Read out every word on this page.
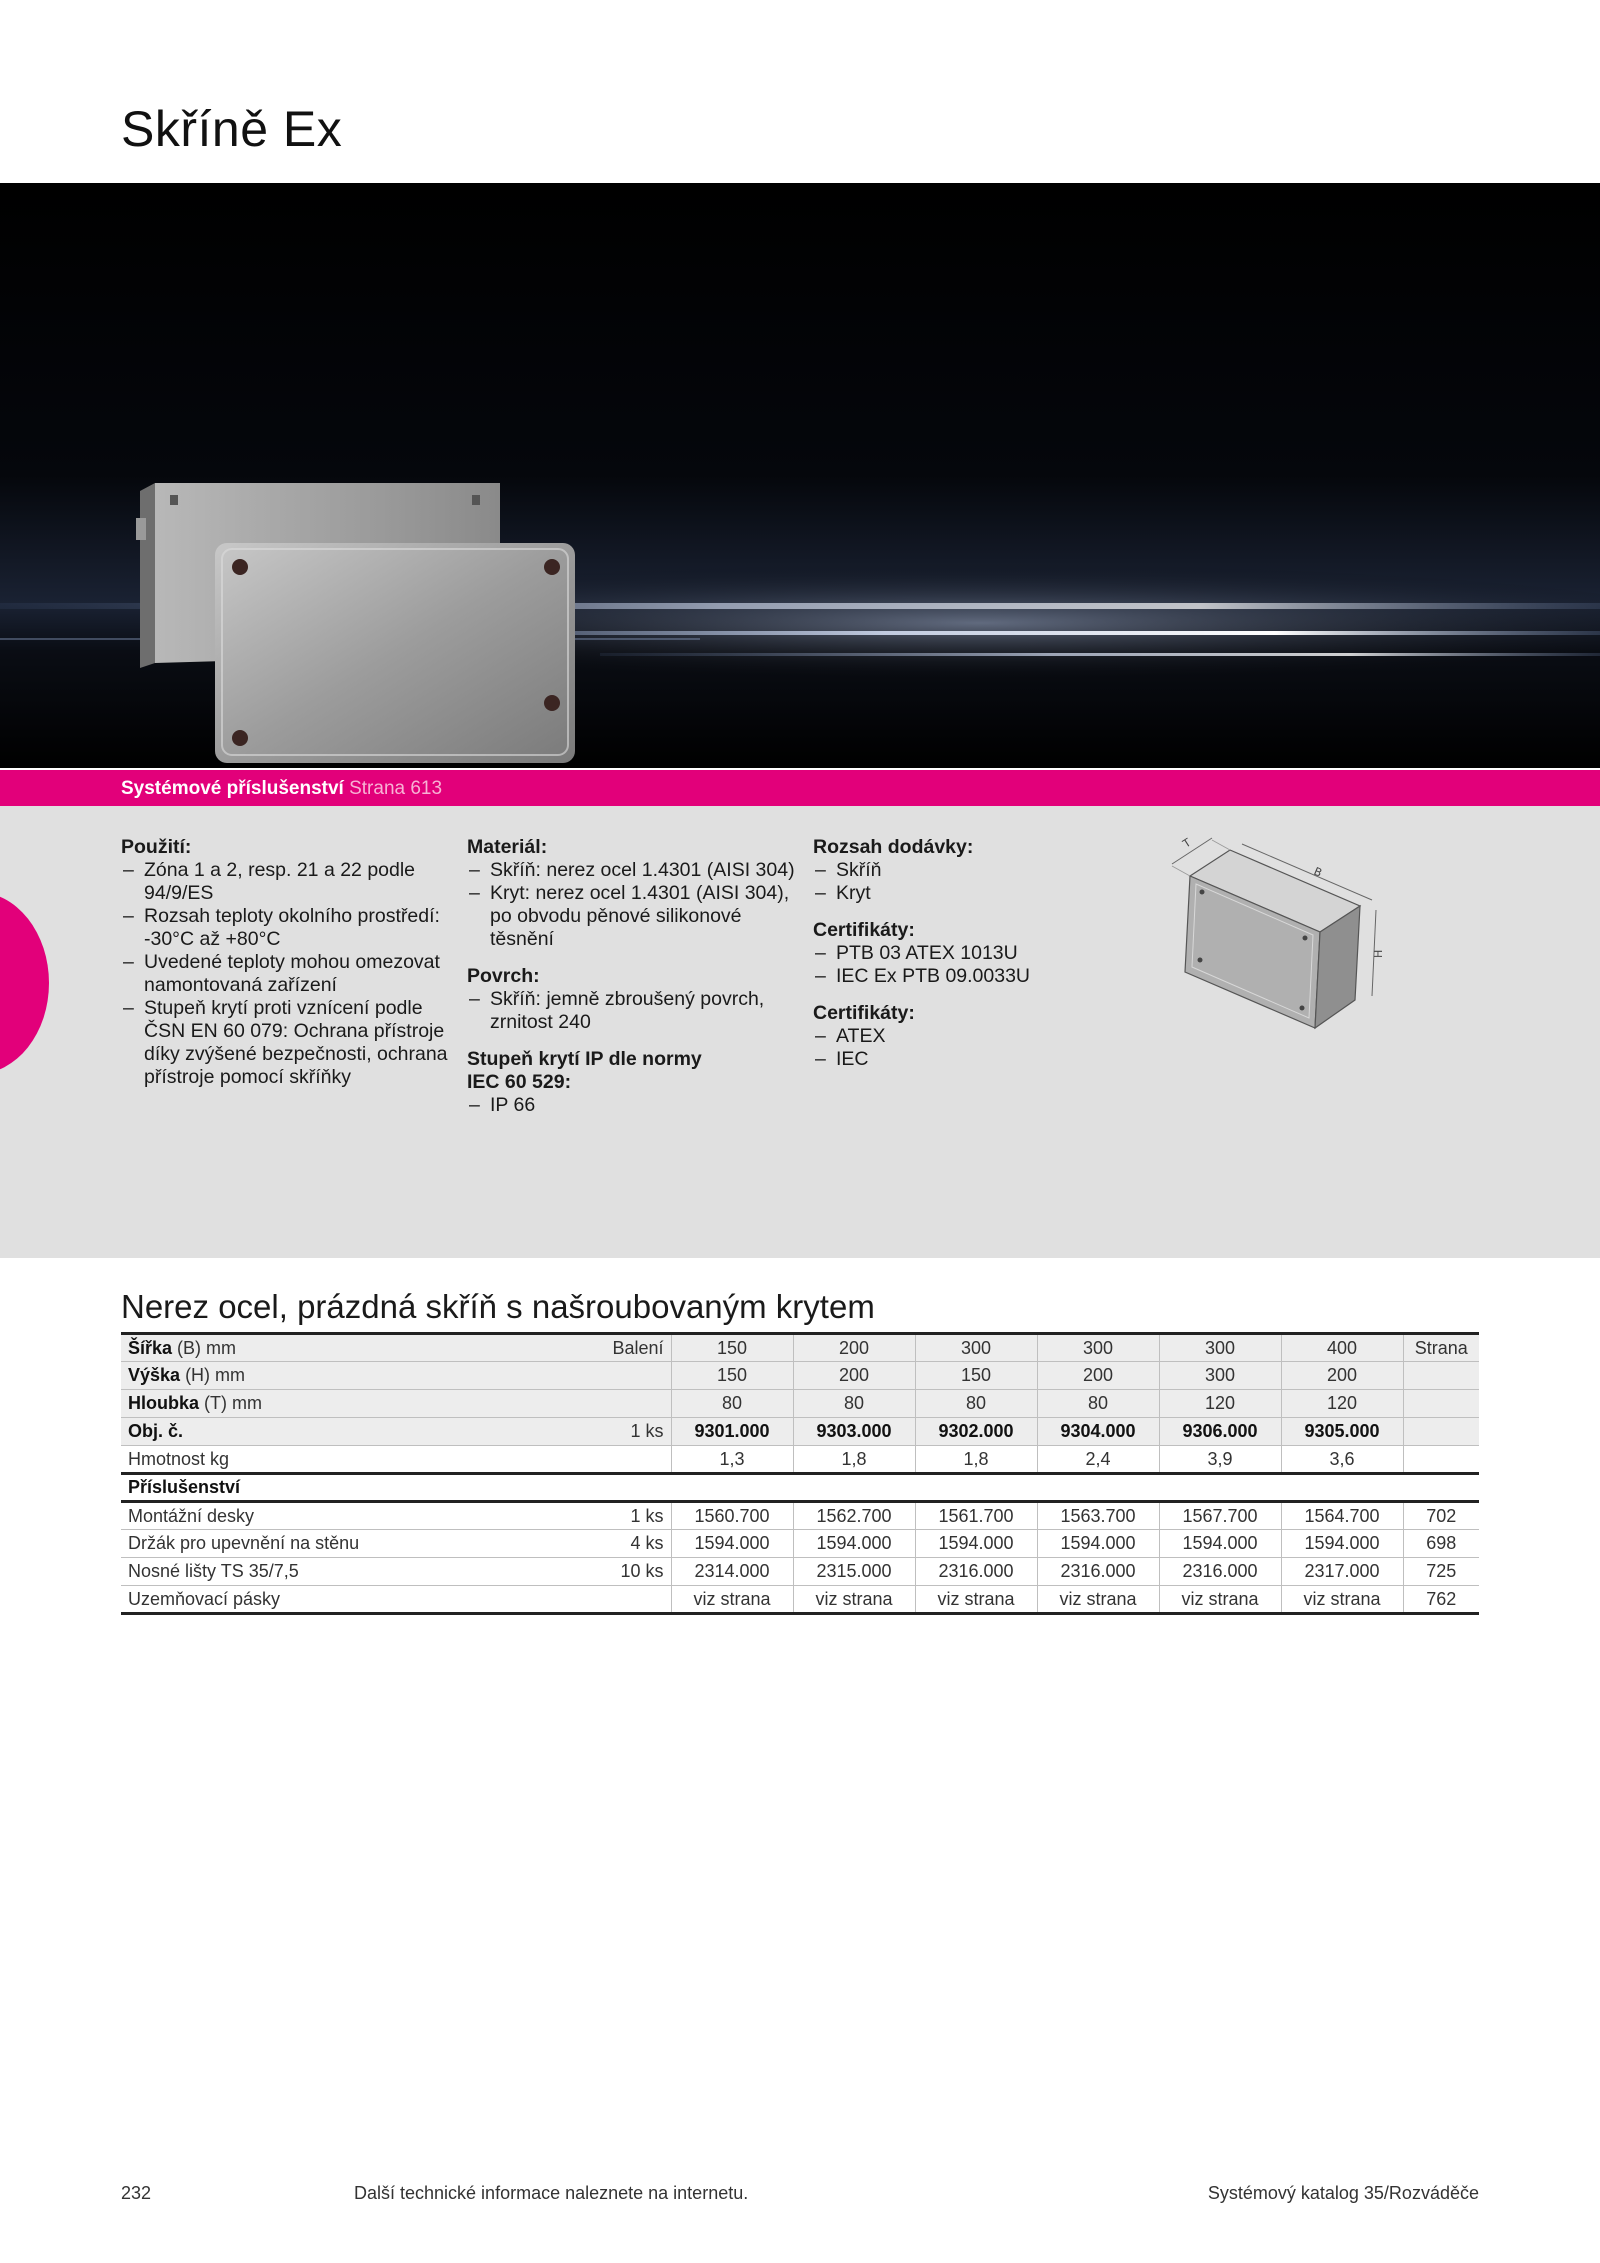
Skříně Ex
Systémové příslušenství Strana 613
Použití:
– Zóna 1 a 2, resp. 21 a 22 podle 94/9/ES
– Rozsah teploty okolního prostředí: -30°C až +80°C
– Uvedené teploty mohou omezovat namontovaná zařízení
– Stupeň krytí proti vznícení podle ČSN EN 60 079: Ochrana přístroje díky zvýšené bezpečnosti, ochrana přístroje pomocí skříňky
Materiál:
– Skříň: nerez ocel 1.4301 (AISI 304)
– Kryt: nerez ocel 1.4301 (AISI 304), po obvodu pěnové silikonové těsnění
Povrch:
– Skříň: jemně zbroušený povrch, zrnitost 240
Stupeň krytí IP dle normy
IEC 60 529:
– IP 66
Rozsah dodávky:
– Skříň
– Kryt
Certifikáty:
– PTB 03 ATEX 1013U
– IEC Ex PTB 09.0033U
Certifikáty:
– ATEX
– IEC
T
B
H
Nerez ocel, prázdná skříň s našroubovaným krytem
Šířka (B) mm	Balení	150	200	300	300	300	400	Strana
Výška (H) mm		150	200	150	200	300	200	
Hloubka (T) mm		80	80	80	80	120	120	
Obj. č.	1 ks	9301.000	9303.000	9302.000	9304.000	9306.000	9305.000	
Hmotnost kg		1,3	1,8	1,8	2,4	3,9	3,6	
Příslušenství								
Montážní desky	1 ks	1560.700	1562.700	1561.700	1563.700	1567.700	1564.700	702
Držák pro upevnění na stěnu	4 ks	1594.000	1594.000	1594.000	1594.000	1594.000	1594.000	698
Nosné lišty TS 35/7,5	10 ks	2314.000	2315.000	2316.000	2316.000	2316.000	2317.000	725
Uzemňovací pásky		viz strana	viz strana	viz strana	viz strana	viz strana	viz strana	762
232	Další technické informace naleznete na internetu.	Systémový katalog 35/Rozváděče
